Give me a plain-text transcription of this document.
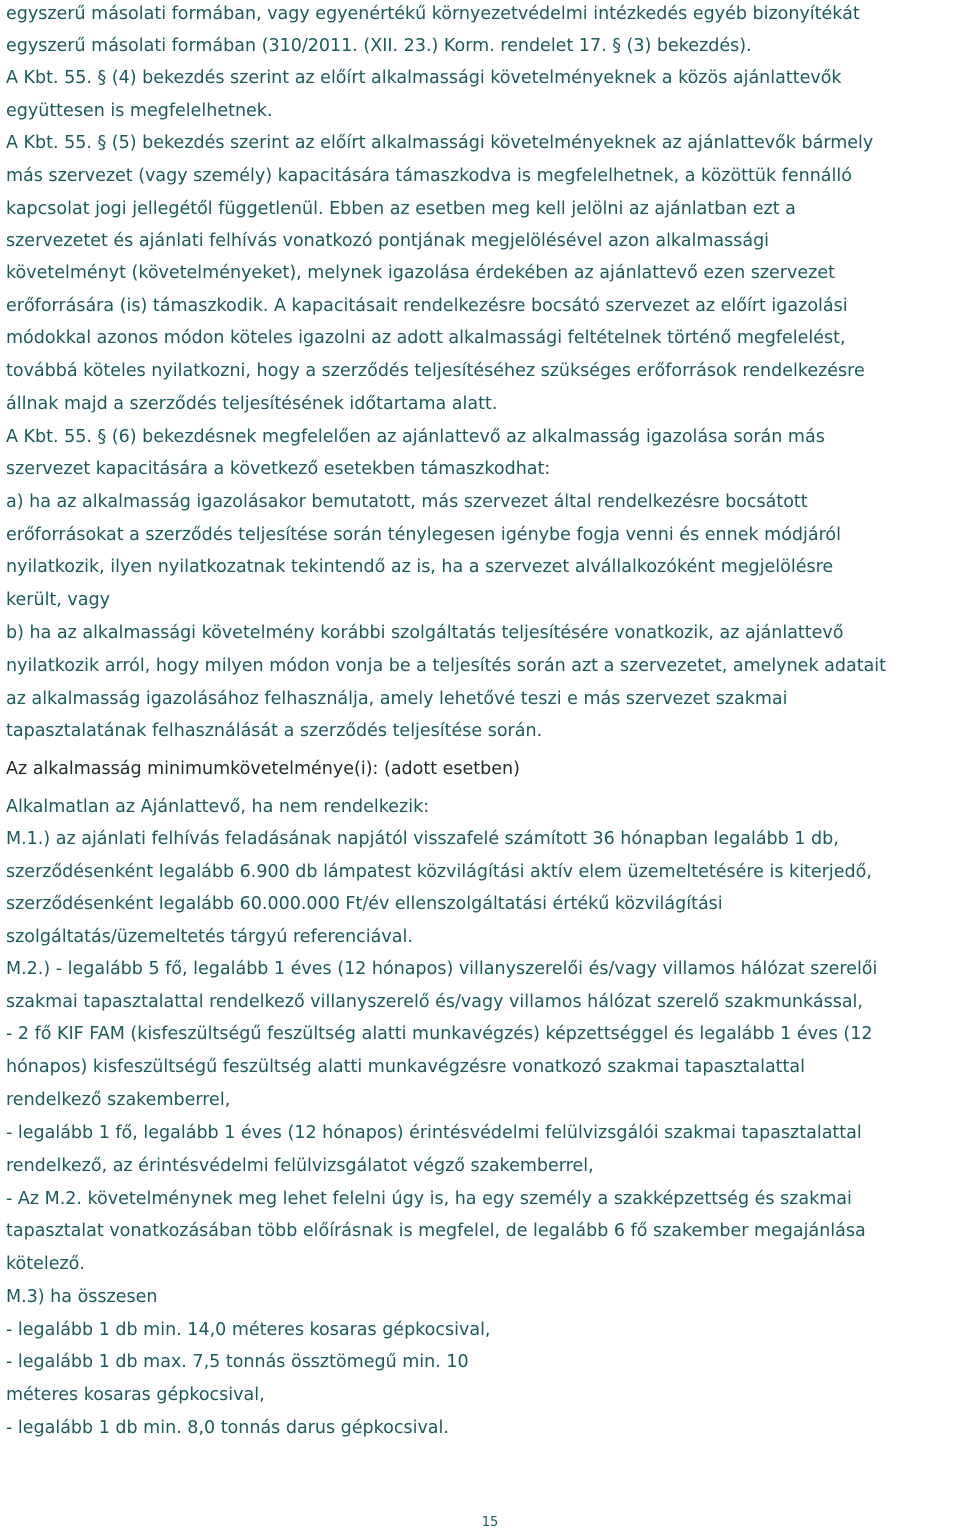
egyszerű másolati formában, vagy egyenértékű környezetvédelmi intézkedés egyéb bizonyítékát
egyszerű másolati formában (310/2011. (XII. 23.) Korm. rendelet 17. § (3) bekezdés).
A Kbt. 55. § (4) bekezdés szerint az előírt alkalmassági követelményeknek a közös ajánlattevők
együttesen is megfelelhetnek.
A Kbt. 55. § (5) bekezdés szerint az előírt alkalmassági követelményeknek az ajánlattevők bármely
más szervezet (vagy személy) kapacitására támaszkodva is megfelelhetnek, a közöttük fennálló
kapcsolat jogi jellegétől függetlenül. Ebben az esetben meg kell jelölni az ajánlatban ezt a
szervezetet és ajánlati felhívás vonatkozó pontjának megjelölésével azon alkalmassági
követelményt (követelményeket), melynek igazolása érdekében az ajánlattevő ezen szervezet
erőforrására (is) támaszkodik. A kapacitásait rendelkezésre bocsátó szervezet az előírt igazolási
módokkal azonos módon köteles igazolni az adott alkalmassági feltételnek történő megfelelést,
továbbá köteles nyilatkozni, hogy a szerződés teljesítéséhez szükséges erőforrások rendelkezésre
állnak majd a szerződés teljesítésének időtartama alatt.
A Kbt. 55. § (6) bekezdésnek megfelelően az ajánlattevő az alkalmasság igazolása során más
szervezet kapacitására a következő esetekben támaszkodhat:
a) ha az alkalmasság igazolásakor bemutatott, más szervezet által rendelkezésre bocsátott
erőforrásokat a szerződés teljesítése során ténylegesen igénybe fogja venni és ennek módjáról
nyilatkozik, ilyen nyilatkozatnak tekintendő az is, ha a szervezet alvállalkozóként megjelölésre
került, vagy
b) ha az alkalmassági követelmény korábbi szolgáltatás teljesítésére vonatkozik, az ajánlattevő
nyilatkozik arról, hogy milyen módon vonja be a teljesítés során azt a szervezetet, amelynek adatait
az alkalmasság igazolásához felhasználja, amely lehetővé teszi e más szervezet szakmai
tapasztalatának felhasználását a szerződés teljesítése során.
Az alkalmasság minimumkövetelménye(i): (adott esetben)
Alkalmatlan az Ajánlattevő, ha nem rendelkezik:
M.1.) az ajánlati felhívás feladásának napjától visszafelé számított 36 hónapban legalább 1 db,
szerződésenként legalább 6.900 db lámpatest közvilágítási aktív elem üzemeltetésére is kiterjedő,
szerződésenként legalább 60.000.000 Ft/év ellenszolgáltatási értékű közvilágítási
szolgáltatás/üzemeltetés tárgyú referenciával.
M.2.) - legalább 5 fő, legalább 1 éves (12 hónapos) villanyszerelői és/vagy villamos hálózat szerelői
szakmai tapasztalattal rendelkező villanyszerelő és/vagy villamos hálózat szerelő szakmunkással,
- 2 fő KIF FAM (kisfeszültségű feszültség alatti munkavégzés) képzettséggel és legalább 1 éves (12
hónapos) kisfeszültségű feszültség alatti munkavégzésre vonatkozó szakmai tapasztalattal
rendelkező szakemberrel,
- legalább 1 fő, legalább 1 éves (12 hónapos) érintésvédelmi felülvizsgálói szakmai tapasztalattal
rendelkező, az érintésvédelmi felülvizsgálatot végző szakemberrel,
- Az M.2. követelménynek meg lehet felelni úgy is, ha egy személy a szakképzettség és szakmai
tapasztalat vonatkozásában több előírásnak is megfelel, de legalább 6 fő szakember megajánlása
kötelező.
M.3) ha összesen
- legalább 1 db min. 14,0 méteres kosaras gépkocsival,
- legalább 1 db max. 7,5 tonnás össztömegű min. 10
méteres kosaras gépkocsival,
- legalább 1 db min. 8,0 tonnás darus gépkocsival.
15
